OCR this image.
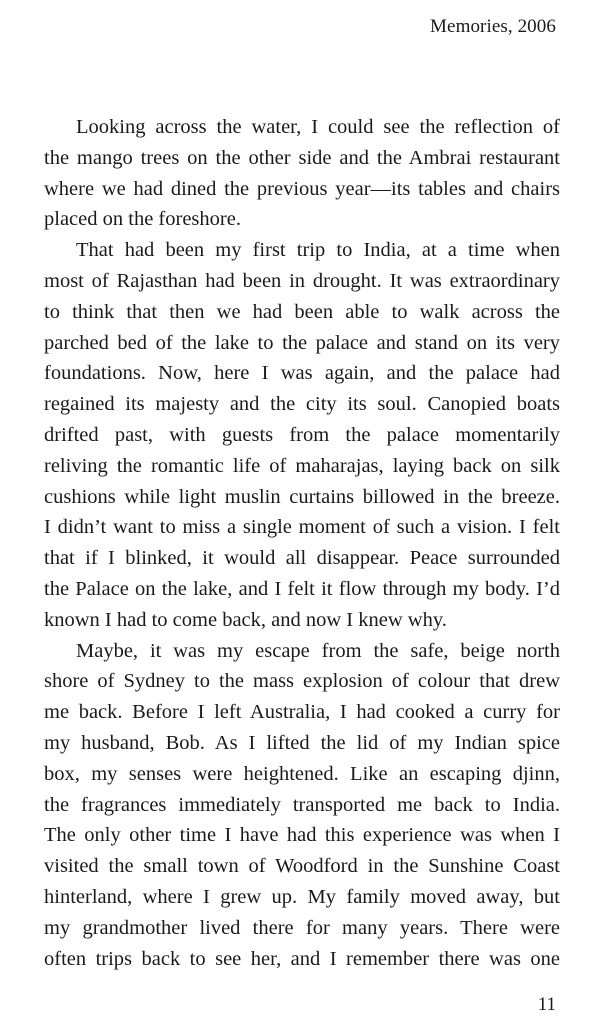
Memories, 2006
Looking across the water, I could see the reflection of
the mango trees on the other side and the Ambrai restaurant
where we had dined the previous year—its tables and chairs
placed on the foreshore.
That had been my first trip to India, at a time when
most of Rajasthan had been in drought. It was extraordinary
to think that then we had been able to walk across the
parched bed of the lake to the palace and stand on its very
foundations. Now, here I was again, and the palace had
regained its majesty and the city its soul. Canopied boats
drifted past, with guests from the palace momentarily
reliving the romantic life of maharajas, laying back on silk
cushions while light muslin curtains billowed in the breeze.
I didn’t want to miss a single moment of such a vision. I felt
that if I blinked, it would all disappear. Peace surrounded
the Palace on the lake, and I felt it flow through my body. I’d
known I had to come back, and now I knew why.
Maybe, it was my escape from the safe, beige north
shore of Sydney to the mass explosion of colour that drew
me back. Before I left Australia, I had cooked a curry for
my husband, Bob. As I lifted the lid of my Indian spice
box, my senses were heightened. Like an escaping djinn,
the fragrances immediately transported me back to India.
The only other time I have had this experience was when I
visited the small town of Woodford in the Sunshine Coast
hinterland, where I grew up. My family moved away, but
my grandmother lived there for many years. There were
often trips back to see her, and I remember there was one
11
